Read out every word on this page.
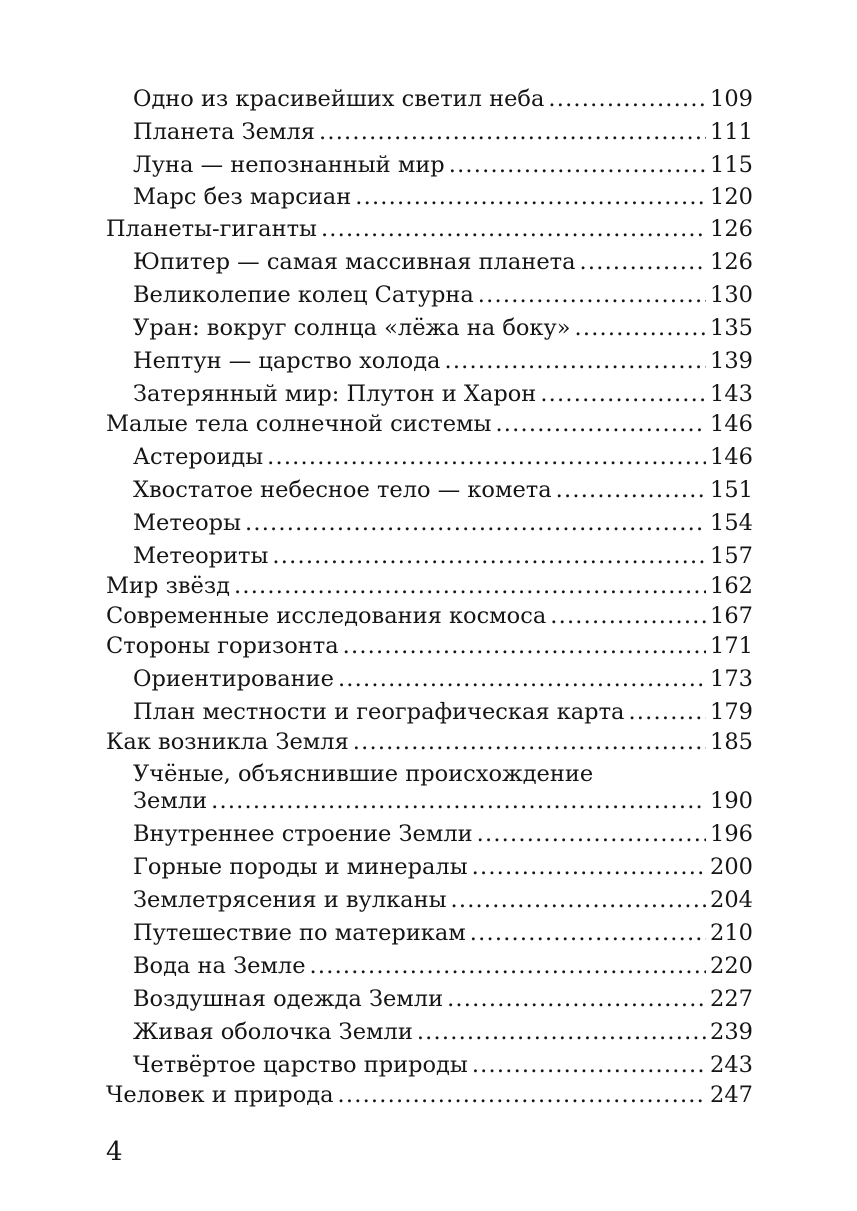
Одно из красивейших светил неба .....	109
Планета Земля .....	111
Луна — непознанный мир .....	115
Марс без марсиан .....	120
Планеты-гиганты .....	126
Юпитер — самая массивная планета .....	126
Великолепие колец Сатурна .....	130
Уран: вокруг солнца «лёжа на боку» .....	135
Нептун — царство холода .....	139
Затерянный мир: Плутон и Харон .....	143
Малые тела солнечной системы .....	146
Астероиды .....	146
Хвостатое небесное тело — комета .....	151
Метеоры .....	154
Метеориты .....	157
Мир звёзд .....	162
Современные исследования космоса .....	167
Стороны горизонта .....	171
Ориентирование .....	173
План местности и географическая карта .....	179
Как возникла Земля .....	185
Учёные, объяснившие происхождение
Земли .....	190
Внутреннее строение Земли .....	196
Горные породы и минералы .....	200
Землетрясения и вулканы .....	204
Путешествие по материкам .....	210
Вода на Земле .....	220
Воздушная одежда Земли .....	227
Живая оболочка Земли .....	239
Четвёртое царство природы .....	243
Человек и природа .....	247
4
